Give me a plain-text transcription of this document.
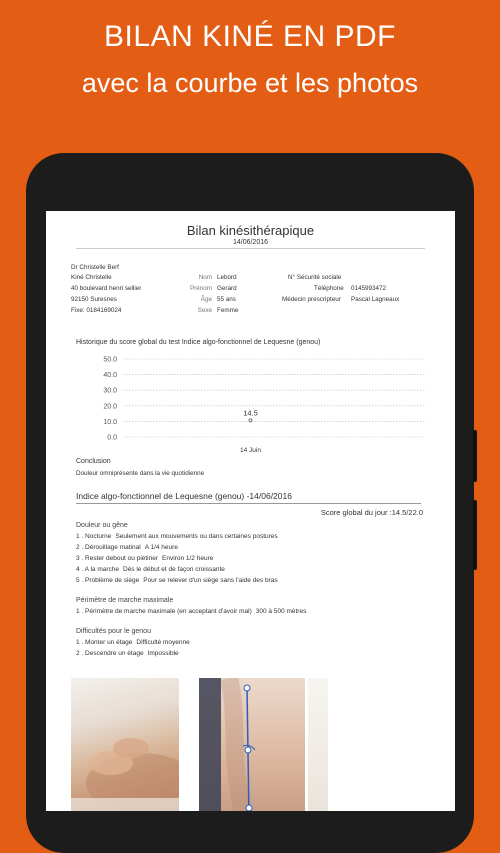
BILAN KINÉ EN PDF
avec la courbe et les photos
Bilan kinésithérapique
14/06/2016
Dr Christelle Berf
Kiné Christelle
40 boulevard henri sellier
92150 Suresnes
Fixe: 0184169024
Nom Lebord
Prénom Gerard
Âge 55 ans
Sexe Femme
N° Sécurité sociale
Téléphone 0145993472
Médecin prescripteur Pascal Lagneaux
Historique du score global du test Indice algo-fonctionnel de Lequesne (genou)
50.0
40.0
30.0
20.0
10.0
0.0
14.5
14 Juin
Conclusion
Douleur omniprésente dans la vie quotidienne
Indice algo-fonctionnel de Lequesne (genou) -14/06/2016
Score global du jour :14.5/22.0
Douleur ou gêne
1 . Nocturne Seulement aux mouvements ou dans certaines postures
2 . Dérouillage matinal A 1/4 heure
3 . Rester debout ou piétiner Environ 1/2 heure
4 . A la marche Dès le début et de façon croissante
5 . Problème de siège Pour se relever d'un siège sans l'aide des bras
Périmètre de marche maximale
1 . Périmètre de marche maximale (en acceptant d'avoir mal) 300 à 500 mètres
Difficultés pour le genou
1 . Monter un étage Difficulté moyenne
2 . Descendre un étage Impossible
